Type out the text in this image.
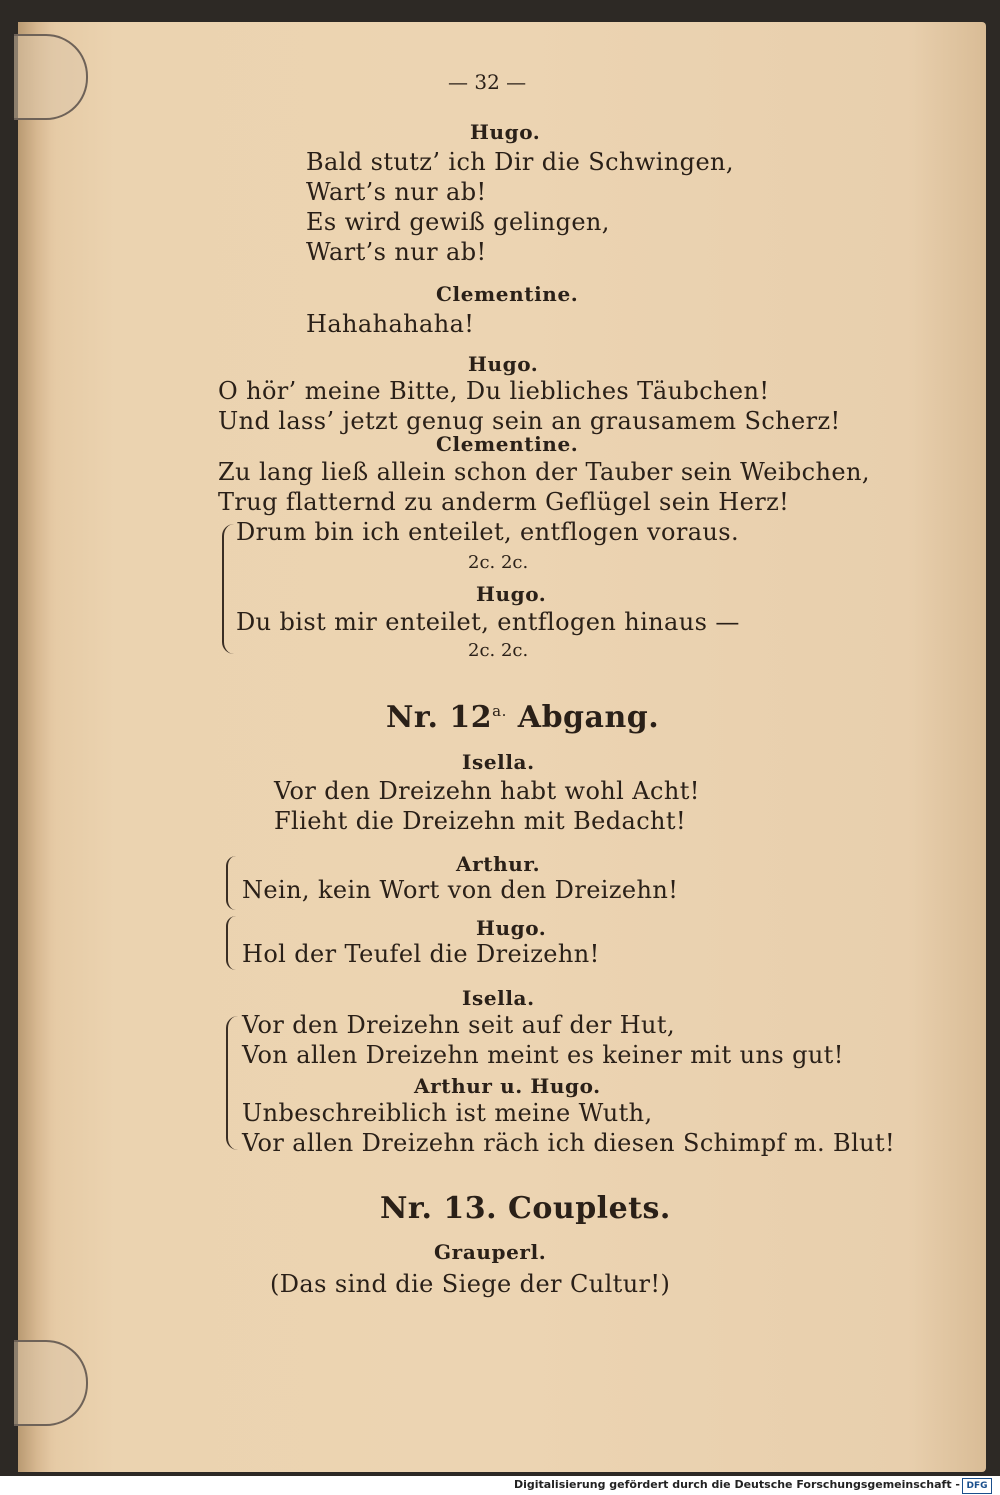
— 32 —
Hugo.
Bald stutz’ ich Dir die Schwingen,
Wart’s nur ab!
Es wird gewiß gelingen,
Wart’s nur ab!
Clementine.
Hahahahaha!
Hugo.
O hör’ meine Bitte, Du liebliches Täubchen!
Und lass’ jetzt genug sein an grausamem Scherz!
Clementine.
Zu lang ließ allein schon der Tauber sein Weibchen,
Trug flatternd zu anderm Geflügel sein Herz!
Drum bin ich enteilet, entflogen voraus.
2c. 2c.
Hugo.
Du bist mir enteilet, entflogen hinaus —
2c. 2c.
Nr. $12^{a.}$ Abgang.
Isella.
Vor den Dreizehn habt wohl Acht!
Flieht die Dreizehn mit Bedacht!
Arthur.
Nein, kein Wort von den Dreizehn!
Hugo.
Hol der Teufel die Dreizehn!
Isella.
Vor den Dreizehn seit auf der Hut,
Von allen Dreizehn meint es keiner mit uns gut!
Arthur u. Hugo.
Unbeschreiblich ist meine Wuth,
Vor allen Dreizehn räch ich diesen Schimpf m. Blut!
Nr. 13. Couplets.
Grauperl.
(Das sind die Siege der Cultur!)
Digitalisierung gefördert durch die Deutsche Forschungsgemeinschaft - DFG
